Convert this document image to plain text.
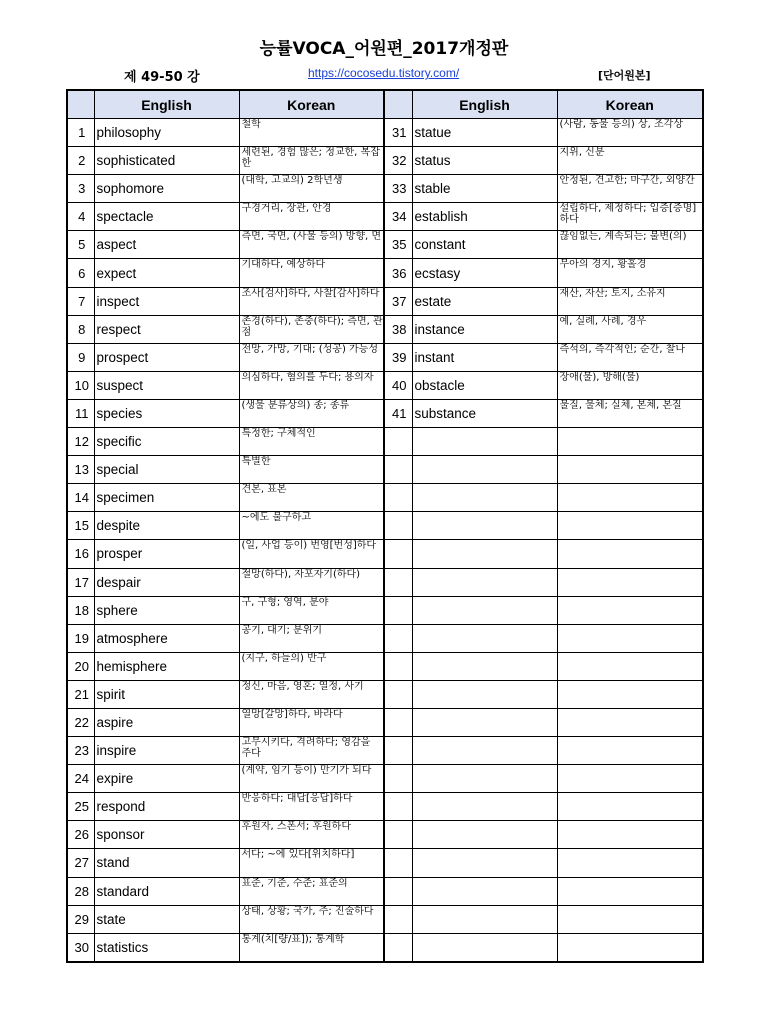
능률VOCA_어원편_2017개정판
제 49-50 강	https://cocosedu.tistory.com/	[단어원본]
	English	Korean		English	Korean
1	philosophy	철학	31	statue	(사람, 동물 등의) 상, 조각상

2	sophisticated	세련된, 경험 많은; 정교한, 복잡한	32	status	지위, 신분

3	sophomore	(대학, 고교의) 2학년생	33	stable	안정된, 견고한; 마구간, 외양간

4	spectacle	구경거리, 장관, 안경	34	establish	설립하다, 제정하다; 입증[증명]하다

5	aspect	측면, 국면, (사물 등의) 방향, 면	35	constant	끊임없는, 계속되는; 불변(의)

6	expect	기대하다, 예상하다	36	ecstasy	무아의 경지, 황홀경

7	inspect	조사[검사]하다, 사찰[감사]하다	37	estate	재산, 자산; 토지, 소유지

8	respect	존경(하다), 존중(하다); 측면, 관점	38	instance	예, 실례, 사례, 경우

9	prospect	전망, 가망, 기대; (성공) 가능성	39	instant	즉석의, 즉각적인; 순간, 찰나

10	suspect	의심하다, 혐의를 두다; 용의자	40	obstacle	장애(물), 방해(물)

11	species	(생물 분류상의) 종; 종류	41	substance	물질, 물체; 실체, 본체, 본질

12	specific	특정한; 구체적인			

13	special	특별한			

14	specimen	견본, 표본			

15	despite	~에도 불구하고			

16	prosper	(일, 사업 등이) 번영[번성]하다			

17	despair	절망(하다), 자포자기(하다)			

18	sphere	구, 구형; 영역, 분야			

19	atmosphere	공기, 대기; 분위기			

20	hemisphere	(지구, 하늘의) 반구			

21	spirit	정신, 마음, 영혼; 열정, 사기			

22	aspire	열망[갈망]하다, 바라다			

23	inspire	고무시키다, 격려하다; 영감을 주다			

24	expire	(계약, 임기 등이) 만기가 되다			

25	respond	반응하다; 대답[응답]하다			

26	sponsor	후원자, 스폰서; 후원하다			

27	stand	서다; ~에 있다[위치하다]			

28	standard	표준, 기준, 수준; 표준의			

29	state	상태, 상황; 국가, 주; 진술하다			

30	statistics	통계(치[량/표]); 통계학			
